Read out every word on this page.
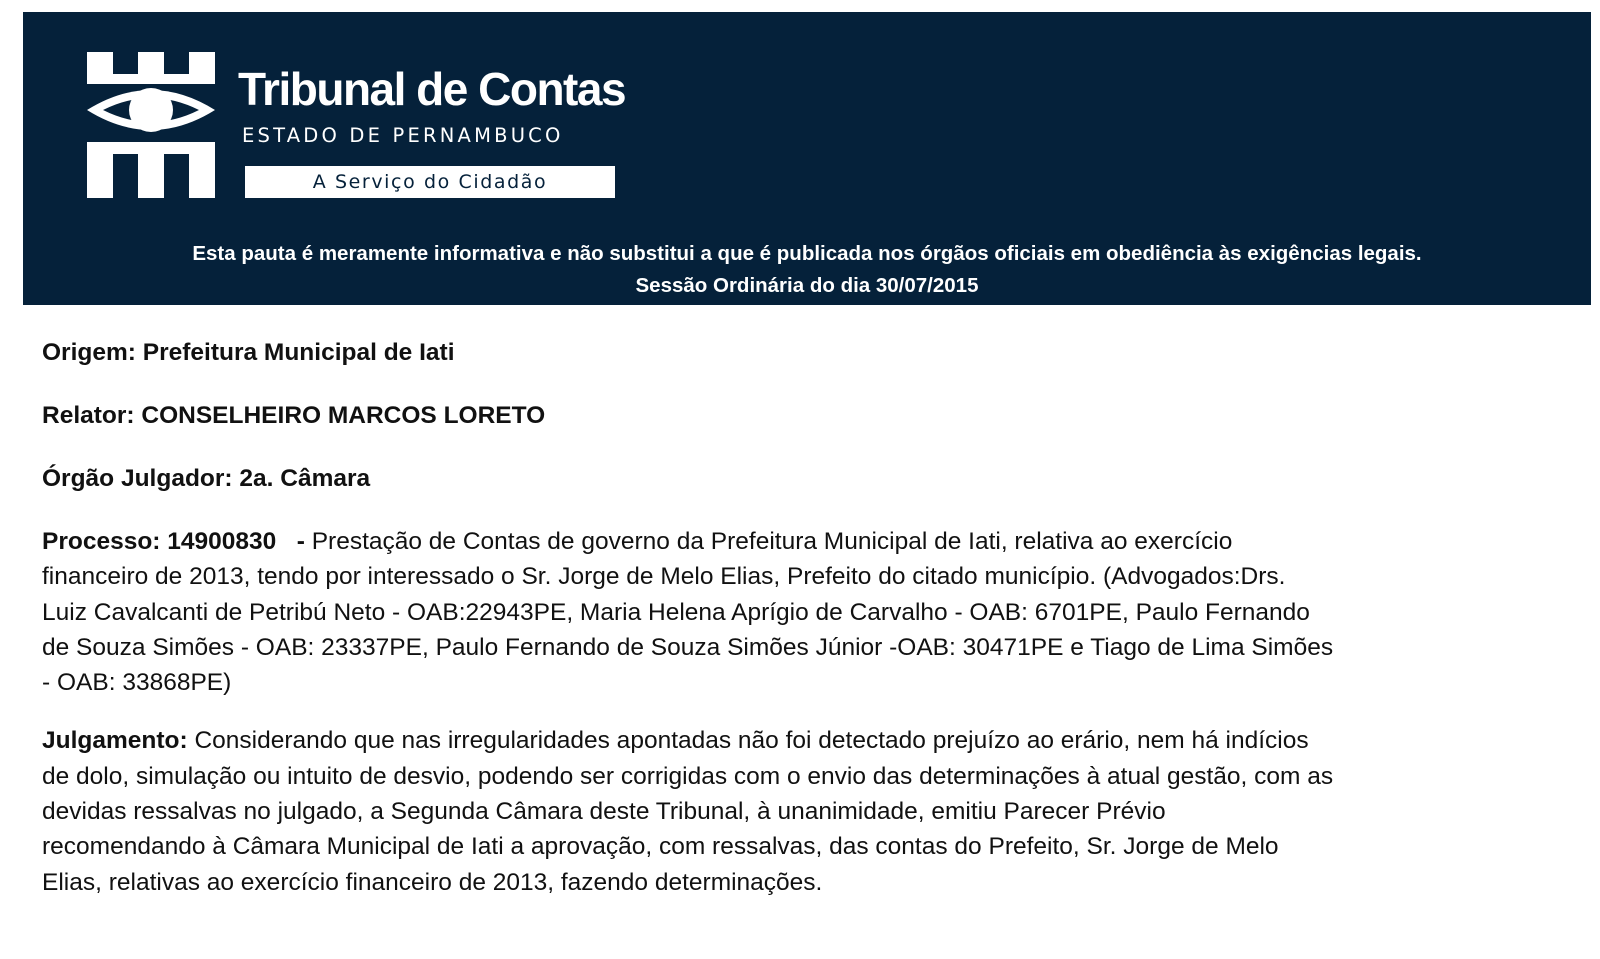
Tribunal de Contas
ESTADO DE PERNAMBUCO
A Serviço do Cidadão
Esta pauta é meramente informativa e não substitui a que é publicada nos órgãos oficiais em obediência às exigências legais.
Sessão Ordinária do dia 30/07/2015

Origem: Prefeitura Municipal de Iati

Relator: CONSELHEIRO MARCOS LORETO

Órgão Julgador: 2a. Câmara

Processo: 14900830 - Prestação de Contas de governo da Prefeitura Municipal de Iati, relativa ao exercício
financeiro de 2013, tendo por interessado o Sr. Jorge de Melo Elias, Prefeito do citado município. (Advogados:Drs.
Luiz Cavalcanti de Petribú Neto - OAB:22943PE, Maria Helena Aprígio de Carvalho - OAB: 6701PE, Paulo Fernando
de Souza Simões - OAB: 23337PE, Paulo Fernando de Souza Simões Júnior -OAB: 30471PE e Tiago de Lima Simões
- OAB: 33868PE)
Julgamento: Considerando que nas irregularidades apontadas não foi detectado prejuízo ao erário, nem há indícios
de dolo, simulação ou intuito de desvio, podendo ser corrigidas com o envio das determinações à atual gestão, com as
devidas ressalvas no julgado, a Segunda Câmara deste Tribunal, à unanimidade, emitiu Parecer Prévio
recomendando à Câmara Municipal de Iati a aprovação, com ressalvas, das contas do Prefeito, Sr. Jorge de Melo
Elias, relativas ao exercício financeiro de 2013, fazendo determinações.
